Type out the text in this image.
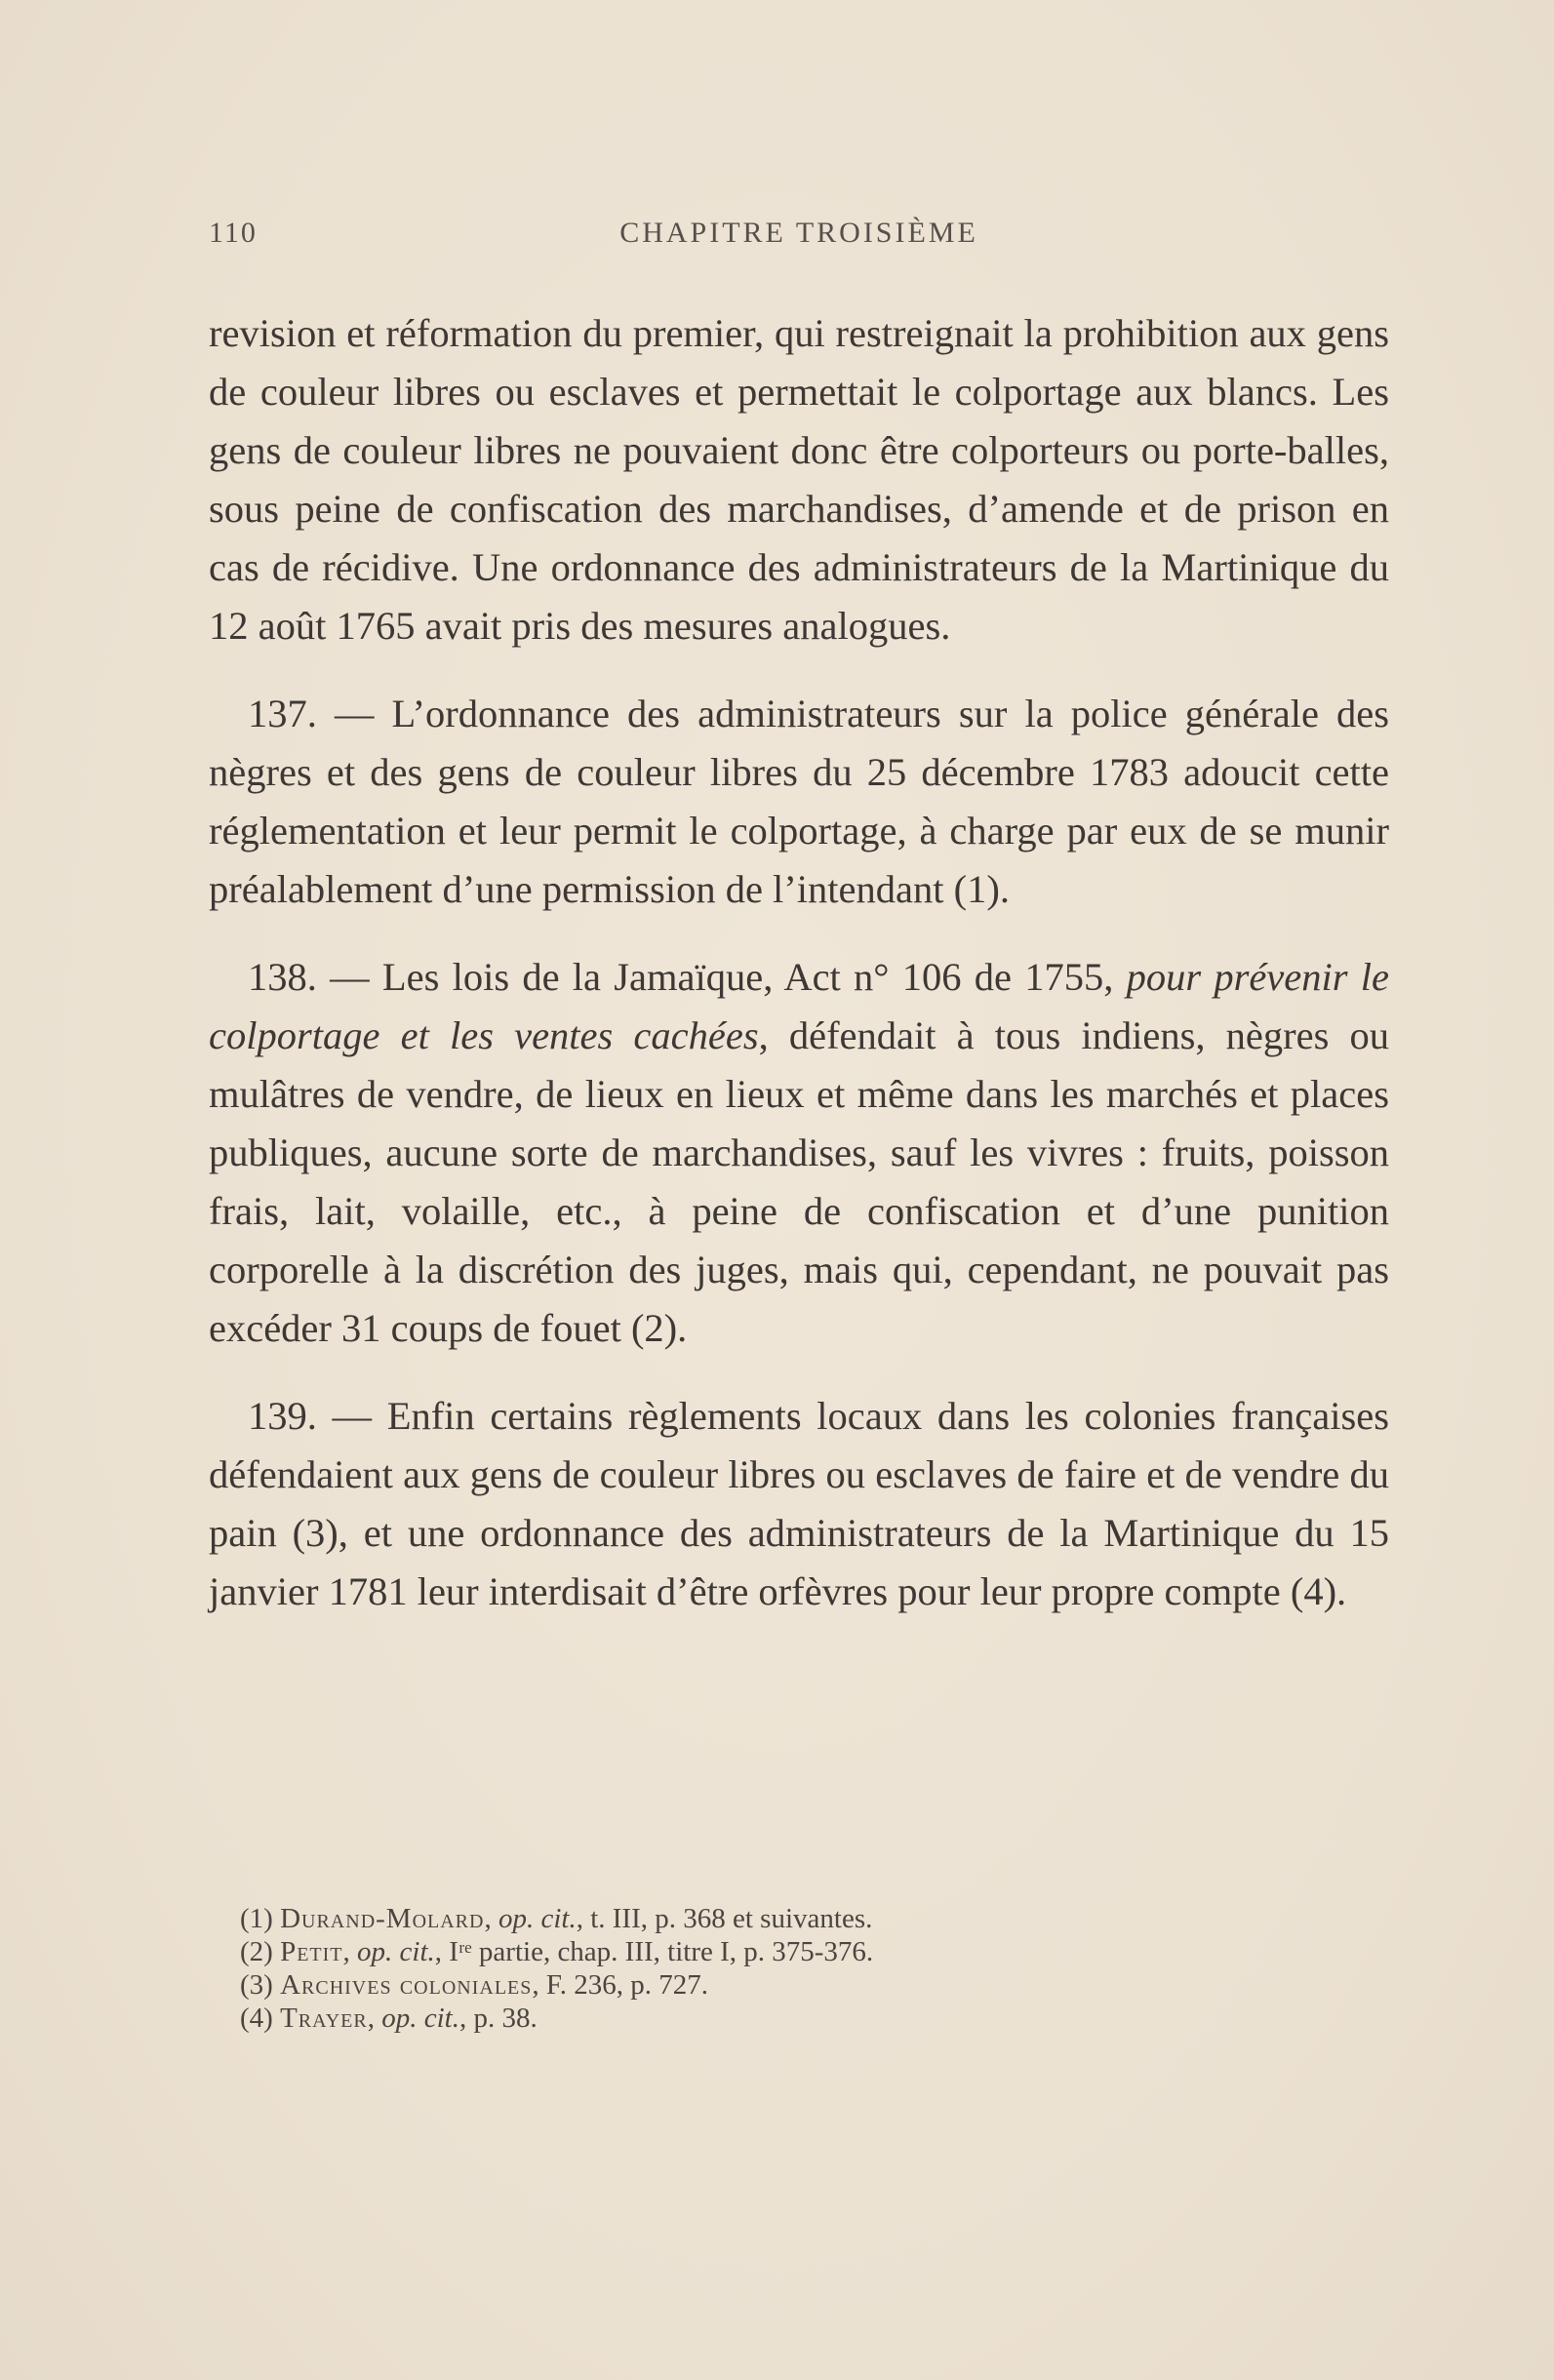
110	CHAPITRE TROISIÈME

revision et réformation du premier, qui restreignait la prohibition aux gens de couleur libres ou esclaves et permettait le colportage aux blancs. Les gens de couleur libres ne pouvaient donc être colporteurs ou porte-balles, sous peine de confiscation des marchandises, d’amende et de prison en cas de récidive. Une ordonnance des administrateurs de la Martinique du 12 août 1765 avait pris des mesures analogues.

137. — L’ordonnance des administrateurs sur la police générale des nègres et des gens de couleur libres du 25 décembre 1783 adoucit cette réglementation et leur permit le colportage, à charge par eux de se munir préalablement d’une permission de l’intendant (1).

138. — Les lois de la Jamaïque, Act n° 106 de 1755, pour prévenir le colportage et les ventes cachées, défendait à tous indiens, nègres ou mulâtres de vendre, de lieux en lieux et même dans les marchés et places publiques, aucune sorte de marchandises, sauf les vivres : fruits, poisson frais, lait, volaille, etc., à peine de confiscation et d’une punition corporelle à la discrétion des juges, mais qui, cependant, ne pouvait pas excéder 31 coups de fouet (2).

139. — Enfin certains règlements locaux dans les colonies françaises défendaient aux gens de couleur libres ou esclaves de faire et de vendre du pain (3), et une ordonnance des administrateurs de la Martinique du 15 janvier 1781 leur interdisait d’être orfèvres pour leur propre compte (4).

(1) Durand-Molard, op. cit., t. III, p. 368 et suivantes.

(2) Petit, op. cit., Iʳᵉ partie, chap. III, titre I, p. 375-376.

(3) Archives coloniales, F. 236, p. 727.

(4) Trayer, op. cit., p. 38.
